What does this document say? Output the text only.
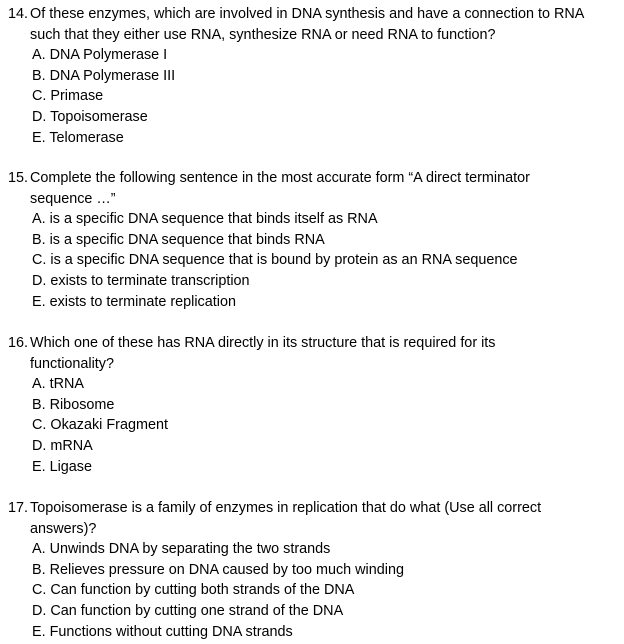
14. Of these enzymes, which are involved in DNA synthesis and have a connection to RNA
such that they either use RNA, synthesize RNA or need RNA to function?
A. DNA Polymerase I
B. DNA Polymerase III
C. Primase
D. Topoisomerase
E. Telomerase
15. Complete the following sentence in the most accurate form “A direct terminator
sequence …”
A. is a specific DNA sequence that binds itself as RNA
B. is a specific DNA sequence that binds RNA
C. is a specific DNA sequence that is bound by protein as an RNA sequence
D. exists to terminate transcription
E. exists to terminate replication
16. Which one of these has RNA directly in its structure that is required for its
functionality?
A. tRNA
B. Ribosome
C. Okazaki Fragment
D. mRNA
E. Ligase
17. Topoisomerase is a family of enzymes in replication that do what (Use all correct
answers)?
A. Unwinds DNA by separating the two strands
B. Relieves pressure on DNA caused by too much winding
C. Can function by cutting both strands of the DNA
D. Can function by cutting one strand of the DNA
E. Functions without cutting DNA strands
